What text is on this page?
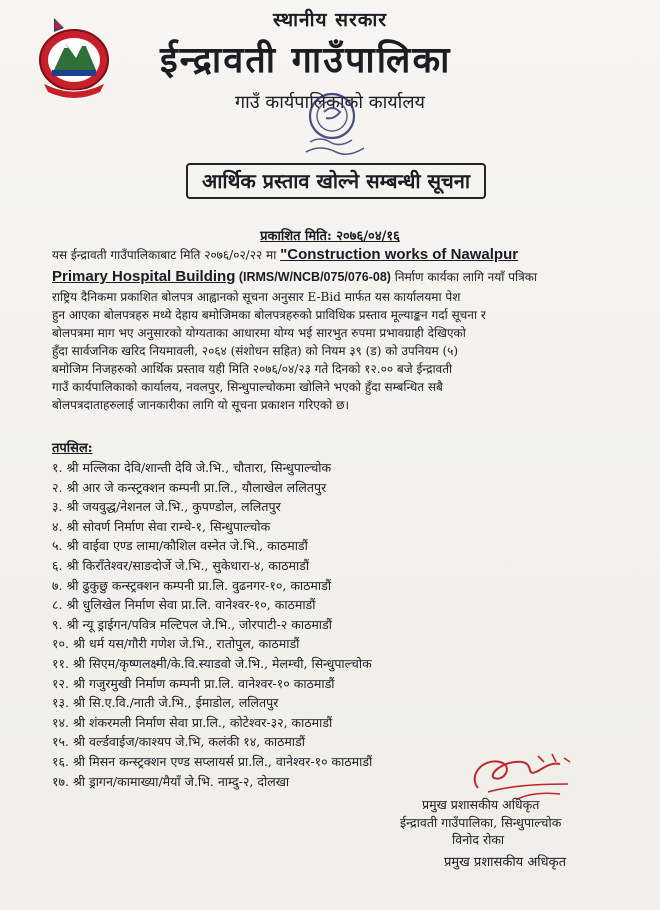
स्थानीय सरकार
ईन्द्रावती गाउँपालिका
गाउँ कार्यपालिकाको कार्यालय
आर्थिक प्रस्ताव खोल्ने सम्बन्धी सूचना
प्रकाशित मिति: २०७६/०४/१६
यस ईन्द्रावती गाउँपालिकाबाट मिति २०७६/०२/२२ मा "Construction works of Nawalpur
Primary Hospital Building (IRMS/W/NCB/075/076-08) निर्माण कार्यका लागि नयाँ पत्रिका
राष्ट्रिय दैनिकमा प्रकाशित बोलपत्र आह्वानको सूचना अनुसार E-Bid मार्फत यस कार्यालयमा पेश
हुन आएका बोलपत्रहरु मध्ये देहाय बमोजिमका बोलपत्रहरुको प्राविधिक प्रस्ताव मूल्याङ्कन गर्दा सूचना र
बोलपत्रमा माग भए अनुसारको योग्यताका आधारमा योग्य भई सारभुत रुपमा प्रभावग्राही देखिएको
हुँदा सार्वजनिक खरिद नियमावली, २०६४ (संशोधन सहित) को नियम ३९ (ड) को उपनियम (५)
बमोजिम निजहरुको आर्थिक प्रस्ताव यही मिति २०७६/०४/२३ गते दिनको १२.०० बजे ईन्द्रावती
गाउँ कार्यपालिकाको कार्यालय, नवलपुर, सिन्धुपाल्चोकमा खोलिने भएको हुँदा सम्बन्धित सबै
बोलपत्रदाताहरुलाई जानकारीका लागि यो सूचना प्रकाशन गरिएको छ।
तपसिल:
१. श्री मल्लिका देवि/शान्ती देवि जे.भि., चौतारा, सिन्धुपाल्चोक
२. श्री आर जे कन्स्ट्रक्शन कम्पनी प्रा.लि., यौलाखेल ललितपुर
३. श्री जयवुद्ध/नेशनल जे.भि., कुपण्डोल, ललितपुर
४. श्री सोवर्ण निर्माण सेवा राम्चे-१, सिन्धुपाल्चोक
५. श्री वाईवा एण्ड लामा/कौशिल वस्नेत जे.भि., काठमाडौं
६. श्री किराँतेश्वर/साङदोर्जे जे.भि., सुकेधारा-४, काठमाडौं
७. श्री ढुकुछु कन्स्ट्रक्शन कम्पनी प्रा.लि. वुढनगर-१०, काठमाडौं
८. श्री धुलिखेल निर्माण सेवा प्रा.लि. वानेश्वर-१०, काठमाडौं
९. श्री न्यू ड्राईगन/पवित्र मल्टिपल जे.भि., जोरपाटी-२ काठमाडौं
१०. श्री धर्म यस/गौरी गणेश जे.भि., रातोपुल, काठमाडौं
११. श्री सिएम/कृष्णलक्ष्मी/के.वि.स्याडवो जे.भि., मेलम्ची, सिन्धुपाल्चोक
१२. श्री गजुरमुखी निर्माण कम्पनी प्रा.लि. वानेश्वर-१० काठमाडौं
१३. श्री सि.ए.वि./नाती जे.भि., ईमाडोल, ललितपुर
१४. श्री शंकरमली निर्माण सेवा प्रा.लि., कोटेश्वर-३२, काठमाडौं
१५. श्री वर्ल्डवाईज/काश्यप जे.भि, कलंकी १४, काठमाडौं
१६. श्री मिसन कन्स्ट्रक्शन एण्ड सप्लायर्स प्रा.लि., वानेश्वर-१० काठमाडौं
१७. श्री ड्रागन/कामाख्या/मैयाँ जे.भि. नाम्दु-२, दोलखा
प्रमुख प्रशासकीय अधिकृत
ईन्द्रावती गाउँपालिका, सिन्धुपाल्चोक
विनोद रोका
प्रमुख प्रशासकीय अधिकृत
